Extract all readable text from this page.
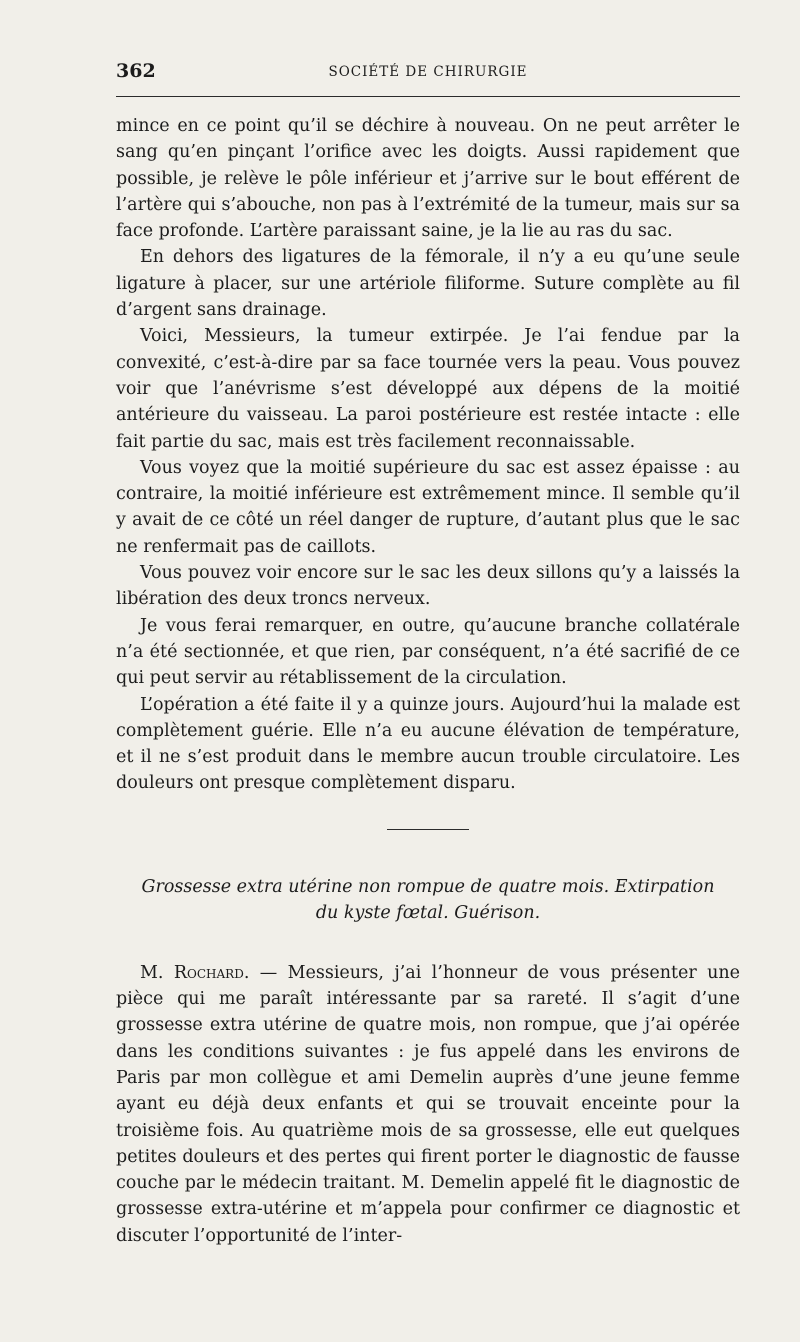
362	SOCIÉTÉ DE CHIRURGIE

mince en ce point qu’il se déchire à nouveau. On ne peut arrêter le sang qu’en pinçant l’orifice avec les doigts. Aussi rapidement que possible, je relève le pôle inférieur et j’arrive sur le bout efférent de l’artère qui s’abouche, non pas à l’extrémité de la tumeur, mais sur sa face profonde. L’artère paraissant saine, je la lie au ras du sac.

En dehors des ligatures de la fémorale, il n’y a eu qu’une seule ligature à placer, sur une artériole filiforme. Suture complète au fil d’argent sans drainage.

Voici, Messieurs, la tumeur extirpée. Je l’ai fendue par la convexité, c’est-à-dire par sa face tournée vers la peau. Vous pouvez voir que l’anévrisme s’est développé aux dépens de la moitié antérieure du vaisseau. La paroi postérieure est restée intacte : elle fait partie du sac, mais est très facilement reconnaissable.

Vous voyez que la moitié supérieure du sac est assez épaisse : au contraire, la moitié inférieure est extrêmement mince. Il semble qu’il y avait de ce côté un réel danger de rupture, d’autant plus que le sac ne renfermait pas de caillots.

Vous pouvez voir encore sur le sac les deux sillons qu’y a laissés la libération des deux troncs nerveux.

Je vous ferai remarquer, en outre, qu’aucune branche collatérale n’a été sectionnée, et que rien, par conséquent, n’a été sacrifié de ce qui peut servir au rétablissement de la circulation.

L’opération a été faite il y a quinze jours. Aujourd’hui la malade est complètement guérie. Elle n’a eu aucune élévation de température, et il ne s’est produit dans le membre aucun trouble circulatoire. Les douleurs ont presque complètement disparu.

Grossesse extra utérine non rompue de quatre mois. Extirpation
du kyste fœtal. Guérison.

M. Rochard. — Messieurs, j’ai l’honneur de vous présenter une pièce qui me paraît intéressante par sa rareté. Il s’agit d’une grossesse extra utérine de quatre mois, non rompue, que j’ai opérée dans les conditions suivantes : je fus appelé dans les environs de Paris par mon collègue et ami Demelin auprès d’une jeune femme ayant eu déjà deux enfants et qui se trouvait enceinte pour la troisième fois. Au quatrième mois de sa grossesse, elle eut quelques petites douleurs et des pertes qui firent porter le diagnostic de fausse couche par le médecin traitant. M. Demelin appelé fit le diagnostic de grossesse extra-utérine et m’appela pour confirmer ce diagnostic et discuter l’opportunité de l’inter-
